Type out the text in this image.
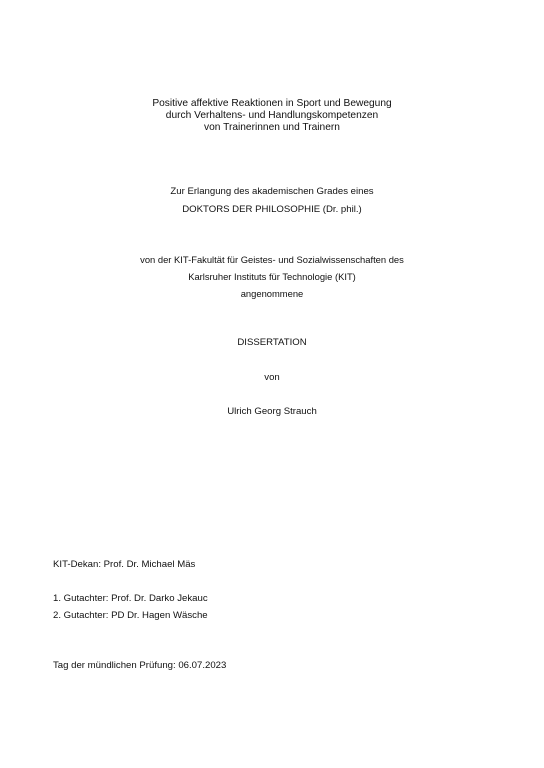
Positive affektive Reaktionen in Sport und Bewegung
durch Verhaltens- und Handlungskompetenzen
von Trainerinnen und Trainern
Zur Erlangung des akademischen Grades eines
DOKTORS DER PHILOSOPHIE (Dr. phil.)
von der KIT-Fakultät für Geistes- und Sozialwissenschaften des
Karlsruher Instituts für Technologie (KIT)
angenommene
DISSERTATION
von
Ulrich Georg Strauch
KIT-Dekan: Prof. Dr. Michael Mäs
1. Gutachter: Prof. Dr. Darko Jekauc
2. Gutachter: PD Dr. Hagen Wäsche
Tag der mündlichen Prüfung: 06.07.2023
